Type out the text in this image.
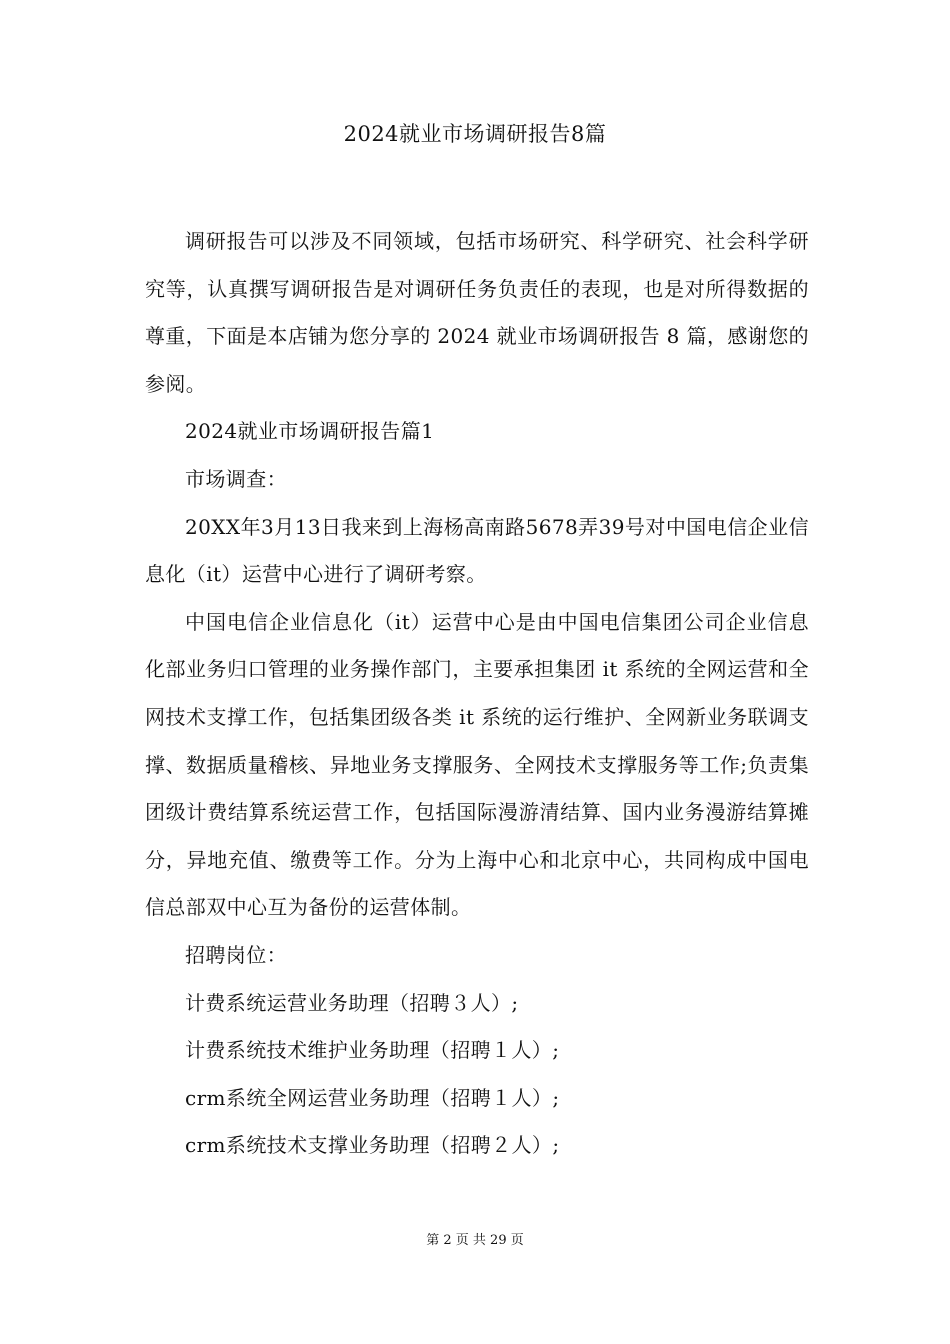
2024就业市场调研报告8篇

调研报告可以涉及不同领域，包括市场研究、科学研究、社会科学研究等，认真撰写调研报告是对调研任务负责任的表现，也是对所得数据的尊重，下面是本店铺为您分享的 2024 就业市场调研报告 8 篇，感谢您的参阅。

2024就业市场调研报告篇1

市场调查：

20XX年3月13日我来到上海杨高南路5678弄39号对中国电信企业信息化（it）运营中心进行了调研考察。

中国电信企业信息化（it）运营中心是由中国电信集团公司企业信息化部业务归口管理的业务操作部门，主要承担集团 it 系统的全网运营和全网技术支撑工作，包括集团级各类 it 系统的运行维护、全网新业务联调支撑、数据质量稽核、异地业务支撑服务、全网技术支撑服务等工作;负责集团级计费结算系统运营工作，包括国际漫游清结算、国内业务漫游结算摊分，异地充值、缴费等工作。分为上海中心和北京中心，共同构成中国电信总部双中心互为备份的运营体制。

招聘岗位：

计费系统运营业务助理（招聘３人）;

计费系统技术维护业务助理（招聘１人）;

crm系统全网运营业务助理（招聘１人）;

crm系统技术支撑业务助理（招聘２人）;

第 2 页 共 29 页
